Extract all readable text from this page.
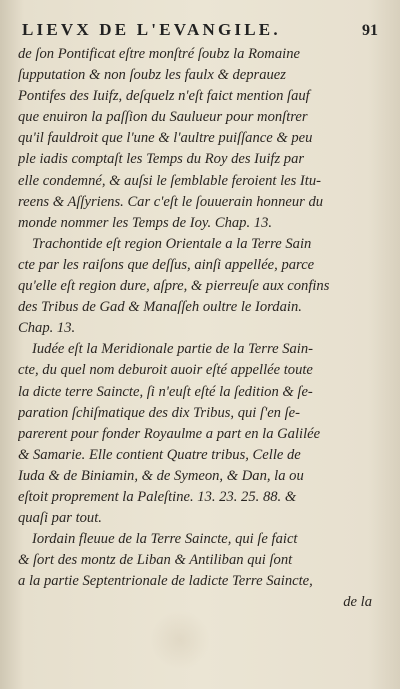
LIEVX DE L'EVANGILE.	91
de ſon Pontificat eſtre monſtré ſoubz la Romaine
ſupputation & non ſoubz les faulx & deprauez
Pontifes des Iuifz, deſquelz n'eſt faict mention ſauf
que enuiron la paſſion du Saulueur pour monſtrer
qu'il fauldroit que l'une & l'aultre puiſſance & peu
ple iadis comptaſt les Temps du Roy des Iuifz par
elle condemné, & auſsi le ſemblable feroient les Itu-
reens & Aſſyriens. Car c'eſt le ſouuerain honneur du
monde nommer les Temps de Ioy. Chap. 13.
Trachontide eſt region Orientale a la Terre Sain
cte par les raiſons que deſſus, ainſi appellée, parce
qu'elle eſt region dure, aſpre, & pierreuſe aux confins
des Tribus de Gad & Manaſſeh oultre le Iordain.
Chap. 13.
Iudée eſt la Meridionale partie de la Terre Sain-
cte, du quel nom deburoit auoir eſté appellée toute
la dicte terre Saincte, ſi n'euſt eſté la ſedition & ſe-
paration ſchiſmatique des dix Tribus, qui ſ'en ſe-
parerent pour fonder Royaulme a part en la Galilée
& Samarie. Elle contient Quatre tribus, Celle de
Iuda & de Biniamin, & de Symeon, & Dan, la ou
eſtoit proprement la Paleſtine. 13. 23. 25. 88. &
quaſi par tout.
Iordain fleuue de la Terre Saincte, qui ſe faict
& ſort des montz de Liban & Antiliban qui ſont
a la partie Septentrionale de ladicte Terre Saincte,
de la
